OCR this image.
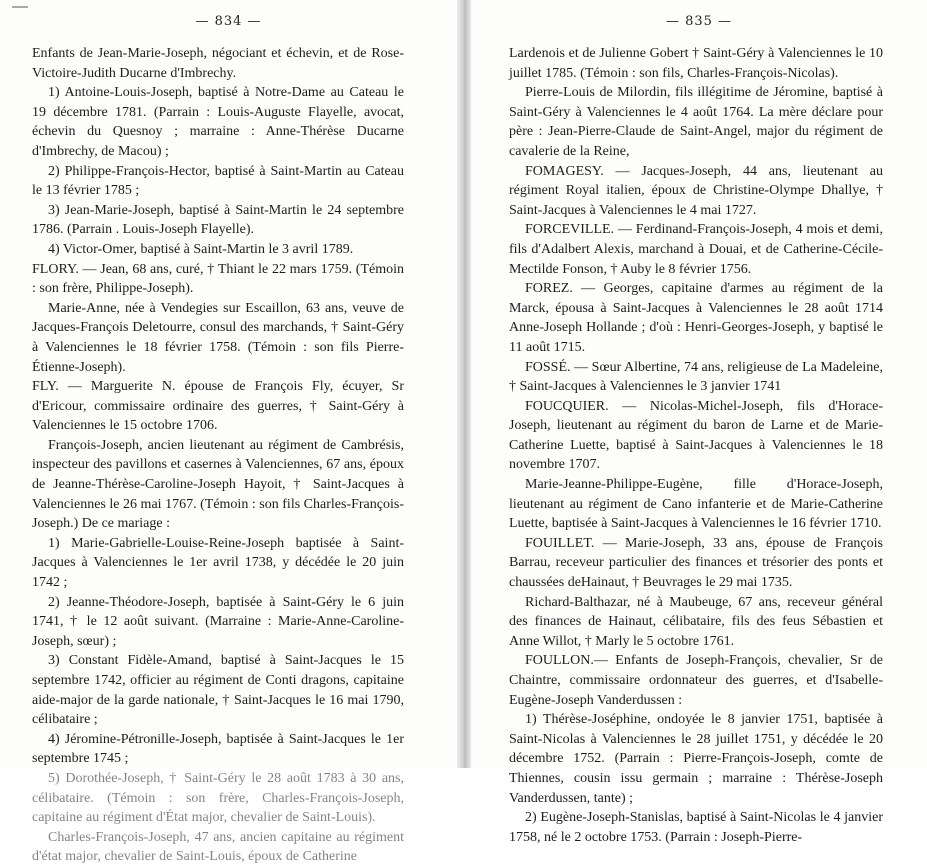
— 834 —

Enfants de Jean-Marie-Joseph, négociant et échevin, et de Rose-Victoire-Judith Ducarne d'Imbrechy.

1) Antoine-Louis-Joseph, baptisé à Notre-Dame au Cateau le 19 décembre 1781. (Parrain : Louis-Auguste Flayelle, avocat, échevin du Quesnoy ; marraine : Anne-Thérèse Ducarne d'Imbrechy, de Macou) ;

2) Philippe-François-Hector, baptisé à Saint-Martin au Cateau le 13 février 1785 ;

3) Jean-Marie-Joseph, baptisé à Saint-Martin le 24 septembre 1786. (Parrain . Louis-Joseph Flayelle).

4) Victor-Omer, baptisé à Saint-Martin le 3 avril 1789.

FLORY. — Jean, 68 ans, curé, † Thiant le 22 mars 1759. (Témoin : son frère, Philippe-Joseph).

Marie-Anne, née à Vendegies sur Escaillon, 63 ans, veuve de Jacques-François Deletourre, consul des marchands, † Saint-Géry à Valenciennes le 18 février 1758. (Témoin : son fils Pierre-Étienne-Joseph).

FLY. — Marguerite N. épouse de François Fly, écuyer, Sr d'Ericour, commissaire ordinaire des guerres, † Saint-Géry à Valenciennes le 15 octobre 1706.

François-Joseph, ancien lieutenant au régiment de Cambrésis, inspecteur des pavillons et casernes à Valenciennes, 67 ans, époux de Jeanne-Thérèse-Caroline-Joseph Hayoit, † Saint-Jacques à Valenciennes le 26 mai 1767. (Témoin : son fils Charles-François-Joseph.) De ce mariage :

1) Marie-Gabrielle-Louise-Reine-Joseph baptisée à Saint-Jacques à Valenciennes le 1er avril 1738, y décédée le 20 juin 1742 ;

2) Jeanne-Théodore-Joseph, baptisée à Saint-Géry le 6 juin 1741, † le 12 août suivant. (Marraine : Marie-Anne-Caroline-Joseph, sœur) ;

3) Constant Fidèle-Amand, baptisé à Saint-Jacques le 15 septembre 1742, officier au régiment de Conti dragons, capitaine aide-major de la garde nationale, † Saint-Jacques le 16 mai 1790, célibataire ;

4) Jéromine-Pétronille-Joseph, baptisée à Saint-Jacques le 1er septembre 1745 ;

5) Dorothée-Joseph, † Saint-Géry le 28 août 1783 à 30 ans, célibataire. (Témoin : son frère, Charles-François-Joseph, capitaine au régiment d'État major, chevalier de Saint-Louis).

Charles-François-Joseph, 47 ans, ancien capitaine au régiment d'état major, chevalier de Saint-Louis, époux de Catherine

— 835 —

Lardenois et de Julienne Gobert † Saint-Géry à Valenciennes le 10 juillet 1785. (Témoin : son fils, Charles-François-Nicolas).

Pierre-Louis de Milordin, fils illégitime de Jéromine, baptisé à Saint-Géry à Valenciennes le 4 août 1764. La mère déclare pour père : Jean-Pierre-Claude de Saint-Angel, major du régiment de cavalerie de la Reine,

FOMAGESY. — Jacques-Joseph, 44 ans, lieutenant au régiment Royal italien, époux de Christine-Olympe Dhallye, † Saint-Jacques à Valenciennes le 4 mai 1727.

FORCEVILLE. — Ferdinand-François-Joseph, 4 mois et demi, fils d'Adalbert Alexis, marchand à Douai, et de Catherine-Cécile-Mectilde Fonson, † Auby le 8 février 1756.

FOREZ. — Georges, capitaine d'armes au régiment de la Marck, épousa à Saint-Jacques à Valenciennes le 28 août 1714 Anne-Joseph Hollande ; d'où : Henri-Georges-Joseph, y baptisé le 11 août 1715.

FOSSÉ. — Sœur Albertine, 74 ans, religieuse de La Madeleine, † Saint-Jacques à Valenciennes le 3 janvier 1741

FOUCQUIER. — Nicolas-Michel-Joseph, fils d'Horace-Joseph, lieutenant au régiment du baron de Larne et de Marie-Catherine Luette, baptisé à Saint-Jacques à Valenciennes le 18 novembre 1707.

Marie-Jeanne-Philippe-Eugène, fille d'Horace-Joseph, lieutenant au régiment de Cano infanterie et de Marie-Catherine Luette, baptisée à Saint-Jacques à Valenciennes le 16 février 1710.

FOUILLET. — Marie-Joseph, 33 ans, épouse de François Barrau, receveur particulier des finances et trésorier des ponts et chaussées deHainaut, † Beuvrages le 29 mai 1735.

Richard-Balthazar, né à Maubeuge, 67 ans, receveur général des finances de Hainaut, célibataire, fils des feus Sébastien et Anne Willot, † Marly le 5 octobre 1761.

FOULLON.— Enfants de Joseph-François, chevalier, Sr de Chaintre, commissaire ordonnateur des guerres, et d'Isabelle-Eugène-Joseph Vanderdussen :

1) Thérèse-Joséphine, ondoyée le 8 janvier 1751, baptisée à Saint-Nicolas à Valenciennes le 28 juillet 1751, y décédée le 20 décembre 1752. (Parrain : Pierre-François-Joseph, comte de Thiennes, cousin issu germain ; marraine : Thérèse-Joseph Vanderdussen, tante) ;

2) Eugène-Joseph-Stanislas, baptisé à Saint-Nicolas le 4 janvier 1758, né le 2 octobre 1753. (Parrain : Joseph-Pierre-
